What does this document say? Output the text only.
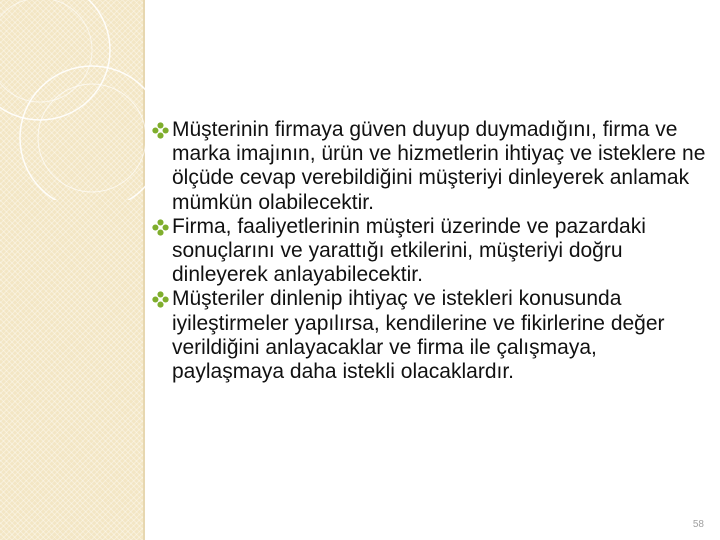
Müşterinin firmaya güven duyup duymadığını, firma ve marka imajının, ürün ve hizmetlerin ihtiyaç ve isteklere ne ölçüde cevap verebildiğini müşteriyi dinleyerek anlamak mümkün olabilecektir.
Firma, faaliyetlerinin müşteri üzerinde ve pazardaki sonuçlarını ve yarattığı etkilerini, müşteriyi doğru dinleyerek anlayabilecektir.
Müşteriler dinlenip ihtiyaç ve istekleri konusunda iyileştirmeler yapılırsa, kendilerine ve fikirlerine değer verildiğini anlayacaklar ve firma ile çalışmaya, paylaşmaya daha istekli olacaklardır.
58
